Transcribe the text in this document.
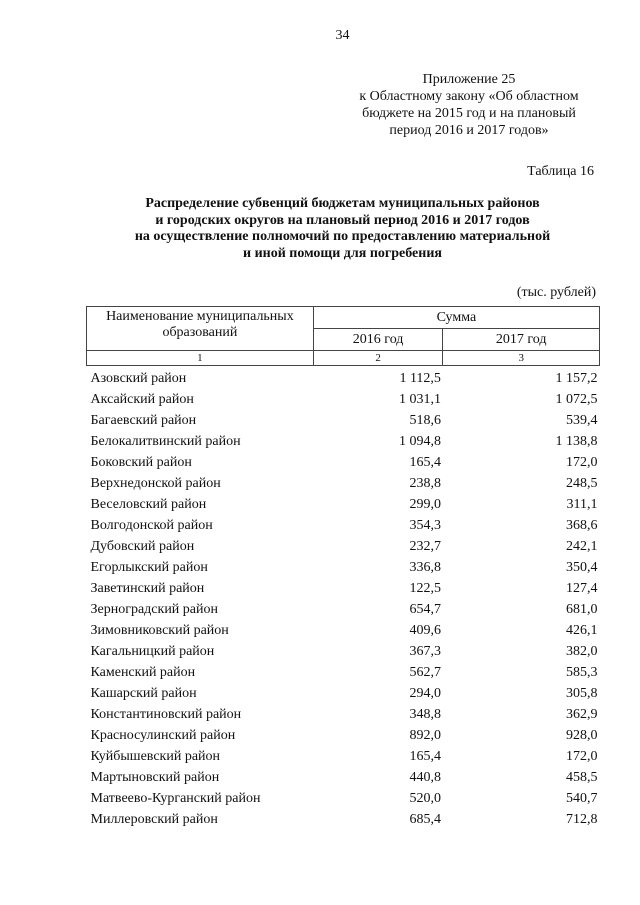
34
Приложение 25
к Областному закону «Об областном
бюджете на 2015 год и на плановый
период 2016 и 2017 годов»
Таблица 16
Распределение субвенций бюджетам муниципальных районов
и городских округов на плановый период 2016 и 2017 годов
на осуществление полномочий по предоставлению материальной
и иной помощи для погребения
(тыс. рублей)
Наименование муниципальных
образований	Сумма	
	2016 год	2017 год
1	2	3
Азовский район	1 112,5	1 157,2
Аксайский район	1 031,1	1 072,5
Багаевский район	518,6	539,4
Белокалитвинский район	1 094,8	1 138,8
Боковский район	165,4	172,0
Верхнедонской район	238,8	248,5
Веселовский район	299,0	311,1
Волгодонской район	354,3	368,6
Дубовский район	232,7	242,1
Егорлыкский район	336,8	350,4
Заветинский район	122,5	127,4
Зерноградский район	654,7	681,0
Зимовниковский район	409,6	426,1
Кагальницкий район	367,3	382,0
Каменский район	562,7	585,3
Кашарский район	294,0	305,8
Константиновский район	348,8	362,9
Красносулинский район	892,0	928,0
Куйбышевский район	165,4	172,0
Мартыновский район	440,8	458,5
Матвеево-Курганский район	520,0	540,7
Миллеровский район	685,4	712,8
